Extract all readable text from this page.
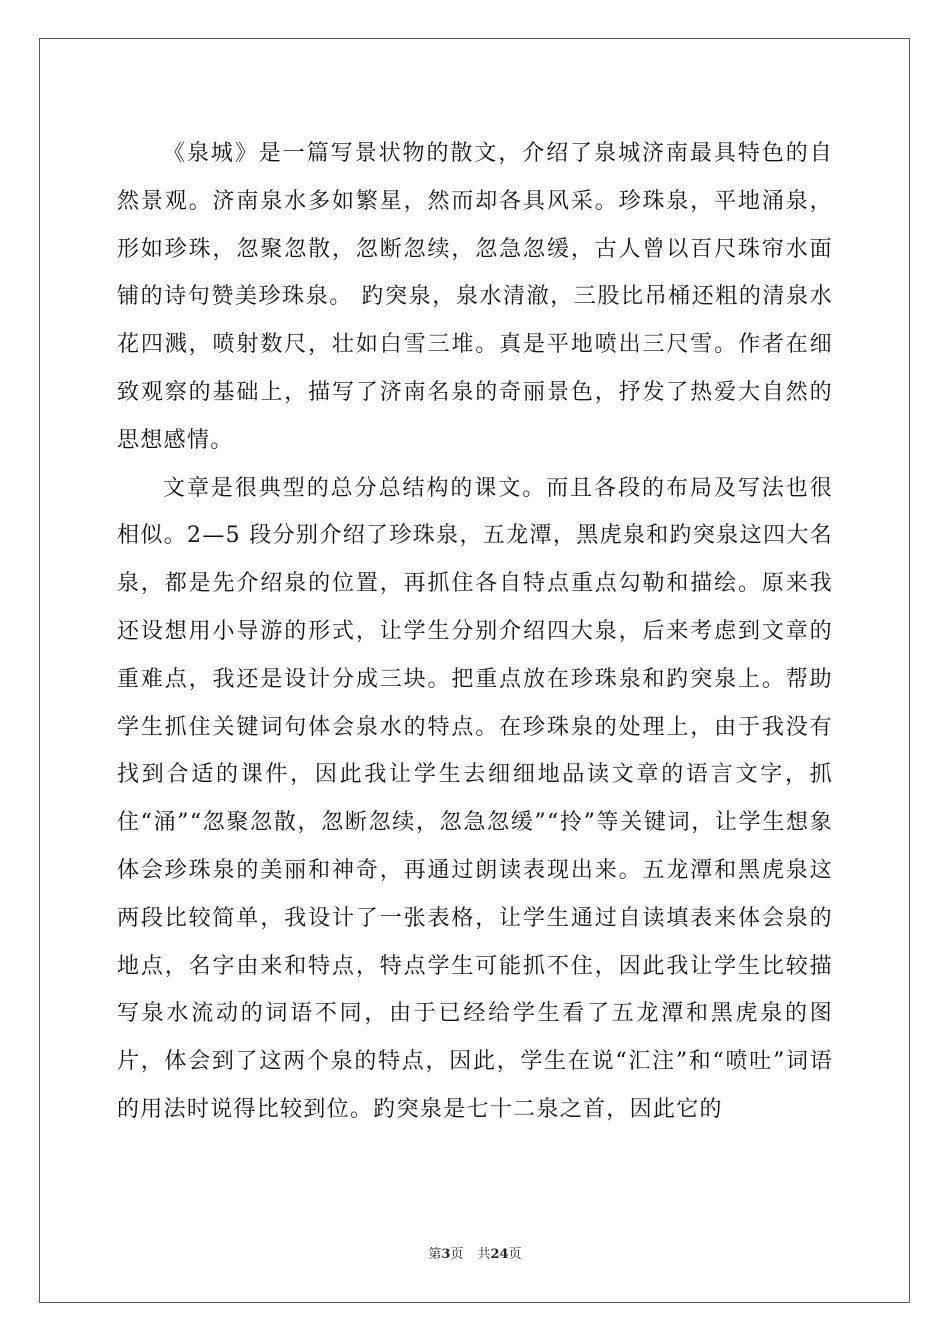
《泉城》是一篇写景状物的散文，介绍了泉城济南最具特色的自然景观。济南泉水多如繁星，然而却各具风采。珍珠泉，平地涌泉，形如珍珠，忽聚忽散，忽断忽续，忽急忽缓，古人曾以百尺珠帘水面铺的诗句赞美珍珠泉。 趵突泉，泉水清澈，三股比吊桶还粗的清泉水花四溅，喷射数尺，壮如白雪三堆。真是平地喷出三尺雪。作者在细致观察的基础上，描写了济南名泉的奇丽景色，抒发了热爱大自然的思想感情。

文章是很典型的总分总结构的课文。而且各段的布局及写法也很相似。2—5 段分别介绍了珍珠泉，五龙潭，黑虎泉和趵突泉这四大名泉，都是先介绍泉的位置，再抓住各自特点重点勾勒和描绘。原来我还设想用小导游的形式，让学生分别介绍四大泉，后来考虑到文章的重难点，我还是设计分成三块。把重点放在珍珠泉和趵突泉上。帮助学生抓住关键词句体会泉水的特点。在珍珠泉的处理上，由于我没有找到合适的课件，因此我让学生去细细地品读文章的语言文字，抓住“涌”“忽聚忽散，忽断忽续，忽急忽缓”“拎”等关键词，让学生想象体会珍珠泉的美丽和神奇，再通过朗读表现出来。五龙潭和黑虎泉这两段比较简单，我设计了一张表格，让学生通过自读填表来体会泉的地点，名字由来和特点，特点学生可能抓不住，因此我让学生比较描写泉水流动的词语不同，由于已经给学生看了五龙潭和黑虎泉的图片，体会到了这两个泉的特点，因此，学生在说“汇注”和“喷吐”词语的用法时说得比较到位。趵突泉是七十二泉之首，因此它的

第3页 共24页
